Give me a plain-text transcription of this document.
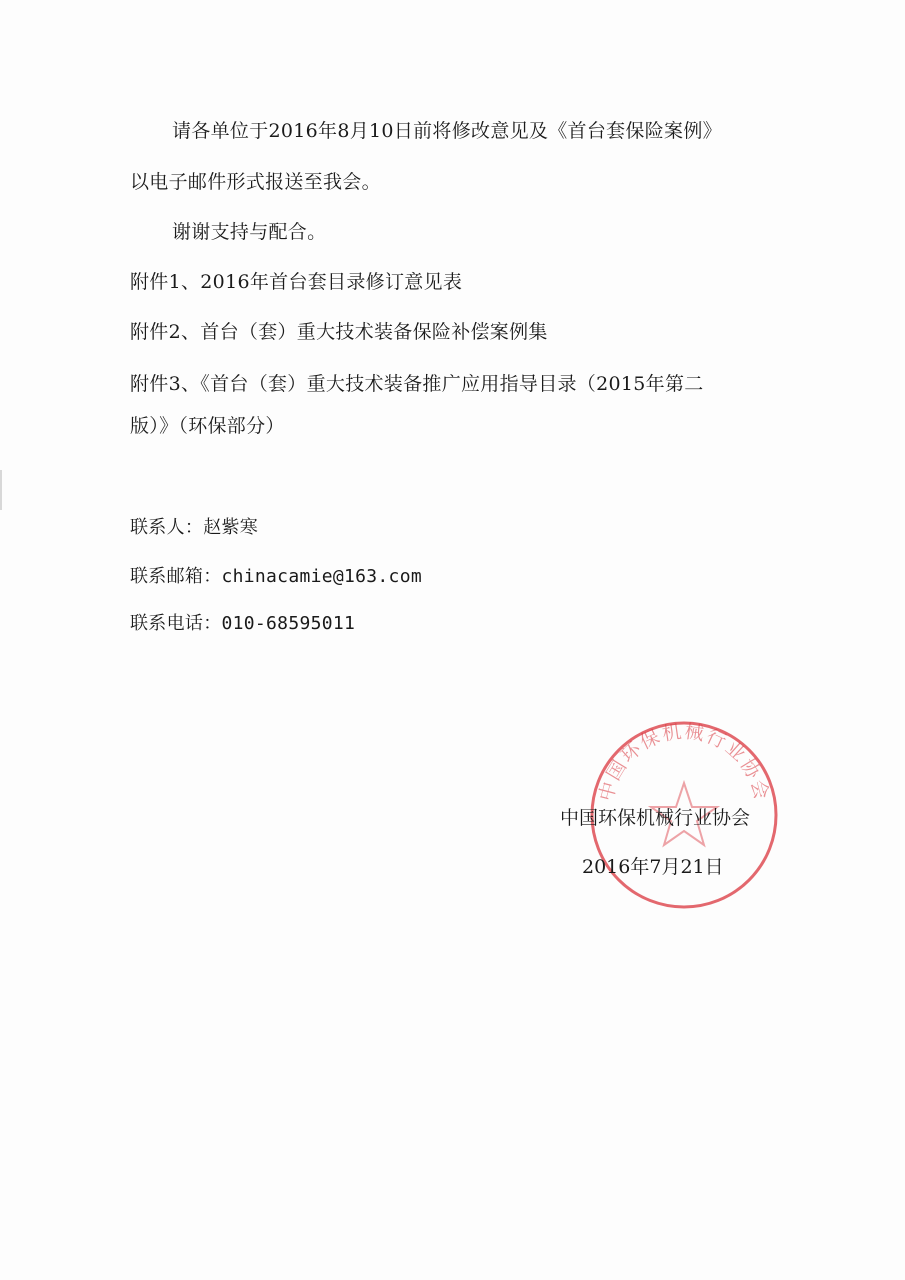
请各单位于2016年8月10日前将修改意见及《首台套保险案例》
以电子邮件形式报送至我会。
谢谢支持与配合。
附件1、2016年首台套目录修订意见表
附件2、首台（套）重大技术装备保险补偿案例集
附件3、《首台（套）重大技术装备推广应用指导目录（2015年第二
版）》（环保部分）
联系人：赵紫寒
联系邮箱：chinacamie@163.com
联系电话：010-68595011
中国环保机械行业协会
中国环保机械行业协会
2016年7月21日
